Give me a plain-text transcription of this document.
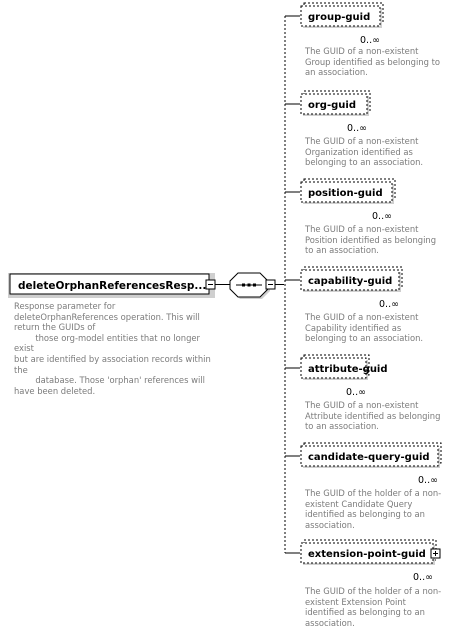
deleteOrphanReferencesResp...
group-guid
0..∞
org-guid
0..∞
position-guid
0..∞
capability-guid
0..∞
attribute-guid
0..∞
candidate-query-guid
0..∞
extension-point-guid
0..∞

Response parameter for
deleteOrphanReferences operation. This will
return the GUIDs of
those org-model entities that no longer exist
but are identified by association records within
the
database. Those 'orphan' references will
have been deleted.

The GUID of a non-existent Group identified as belonging to an association.

The GUID of a non-existent Organization identified as belonging to an association.

The GUID of a non-existent Position identified as belonging to an association.

The GUID of a non-existent Capability identified as belonging to an association.

The GUID of a non-existent Attribute identified as belonging to an association.

The GUID of the holder of a non-existent Candidate Query identified as belonging to an association.

The GUID of the holder of a non-existent Extension Point identified as belonging to an association.
